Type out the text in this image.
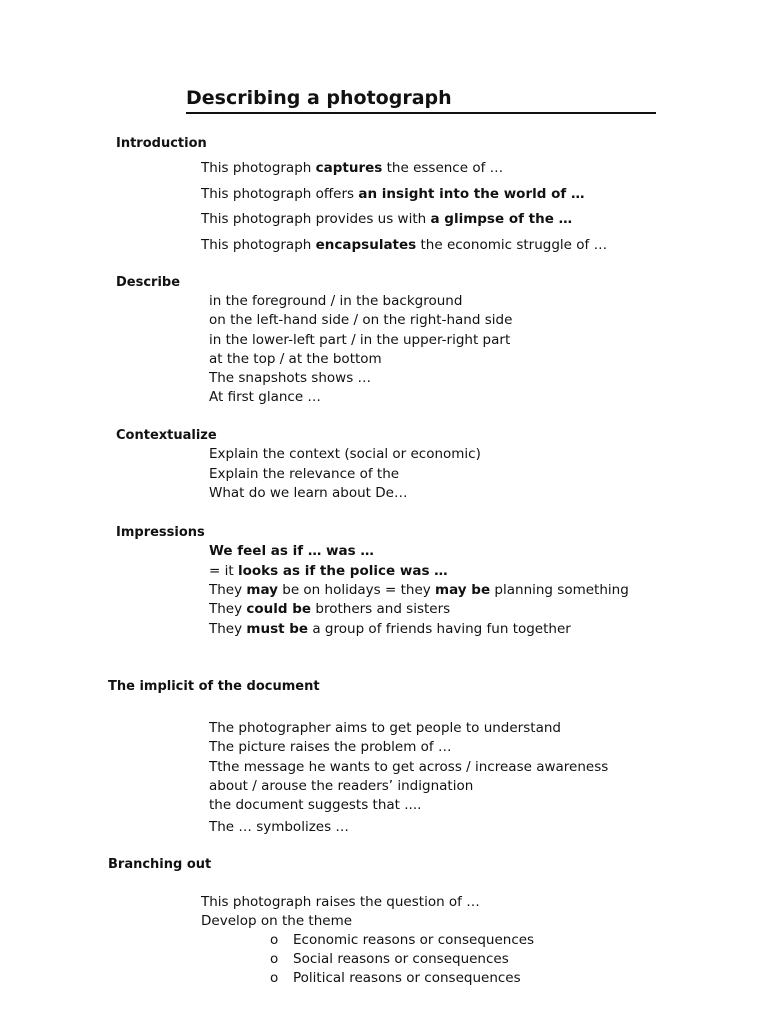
Describing a photograph
Introduction
This photograph captures the essence of …
This photograph offers an insight into the world of …
This photograph provides us with a glimpse of the …
This photograph encapsulates the economic struggle of …
Describe
in the foreground / in the background
on the left-hand side / on the right-hand side
in the lower-left part / in the upper-right part
at the top / at the bottom
The snapshots shows …
At first glance …
Contextualize
Explain the context (social or economic)
Explain the relevance of the
What do we learn about De…
Impressions
We feel as if … was …
= it looks as if the police was …
They may be on holidays = they may be planning something
They could be brothers and sisters
They must be a group of friends having fun together
The implicit of the document
The photographer aims to get people to understand
The picture raises the problem of …
Tthe message he wants to get across / increase awareness
about / arouse the readers’ indignation
the document suggests that ....
The … symbolizes …
Branching out
This photograph raises the question of …
Develop on the theme
o Economic reasons or consequences
o Social reasons or consequences
o Political reasons or consequences
